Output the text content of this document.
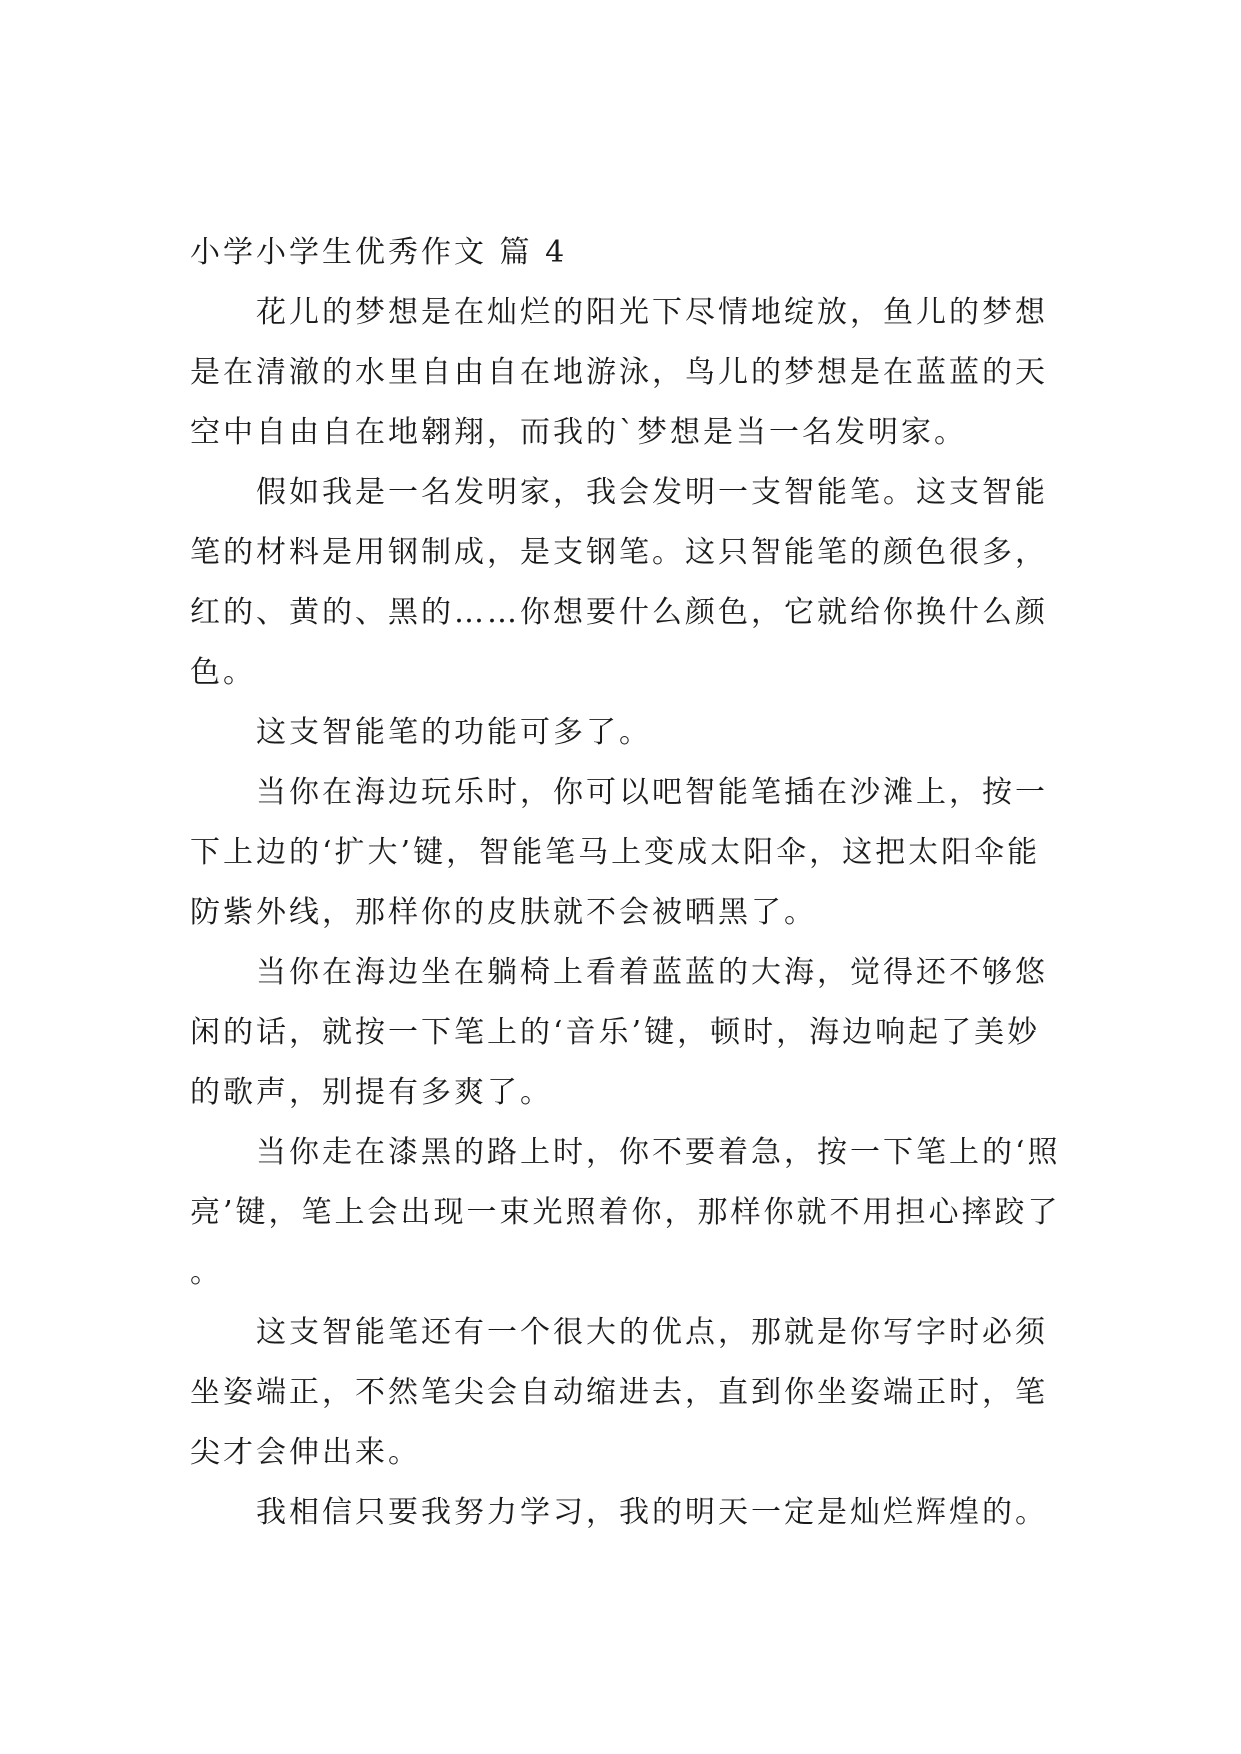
小学小学生优秀作文 篇 4

花儿的梦想是在灿烂的阳光下尽情地绽放，鱼儿的梦想是在清澈的水里自由自在地游泳，鸟儿的梦想是在蓝蓝的天空中自由自在地翱翔，而我的`梦想是当一名发明家。

假如我是一名发明家，我会发明一支智能笔。这支智能笔的材料是用钢制成，是支钢笔。这只智能笔的颜色很多，红的、黄的、黑的……你想要什么颜色，它就给你换什么颜色。

这支智能笔的功能可多了。

当你在海边玩乐时，你可以吧智能笔插在沙滩上，按一下上边的‘扩大’键，智能笔马上变成太阳伞，这把太阳伞能防紫外线，那样你的皮肤就不会被晒黑了。

当你在海边坐在躺椅上看着蓝蓝的大海，觉得还不够悠闲的话，就按一下笔上的‘音乐’键，顿时，海边响起了美妙的歌声，别提有多爽了。

当你走在漆黑的路上时，你不要着急，按一下笔上的‘照亮’键，笔上会出现一束光照着你，那样你就不用担心摔跤了。

这支智能笔还有一个很大的优点，那就是你写字时必须坐姿端正，不然笔尖会自动缩进去，直到你坐姿端正时，笔尖才会伸出来。

我相信只要我努力学习，我的明天一定是灿烂辉煌的。
